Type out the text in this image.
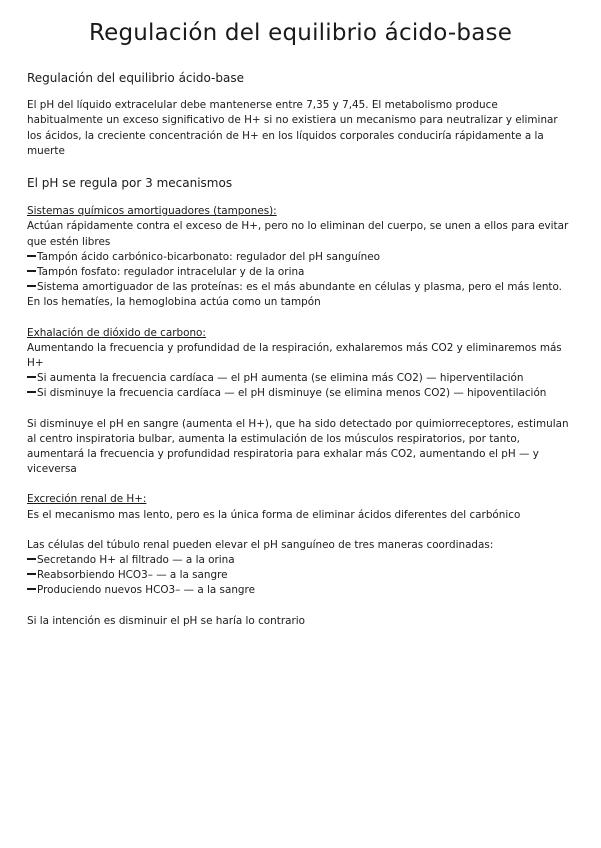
Regulación del equilibrio ácido-base
Regulación del equilibrio ácido-base

El pH del líquido extracelular debe mantenerse entre 7,35 y 7,45. El metabolismo produce habitualmente un exceso significativo de H+ si no existiera un mecanismo para neutralizar y eliminar los ácidos, la creciente concentración de H+ en los líquidos corporales conduciría rápidamente a la muerte

El pH se regula por 3 mecanismos
Sistemas químicos amortiguadores (tampones):
Actúan rápidamente contra el exceso de H+, pero no lo eliminan del cuerpo, se unen a ellos para evitar que estén libres
Tampón ácido carbónico-bicarbonato: regulador del pH sanguíneo
Tampón fosfato: regulador intracelular y de la orina
Sistema amortiguador de las proteínas: es el más abundante en células y plasma, pero el más lento.
En los hematíes, la hemoglobina actúa como un tampón
Exhalación de dióxido de carbono:
Aumentando la frecuencia y profundidad de la respiración, exhalaremos más CO2 y eliminaremos más H+
Si aumenta la frecuencia cardíaca — el pH aumenta (se elimina más CO2) — hiperventilación
Si disminuye la frecuencia cardíaca — el pH disminuye (se elimina menos CO2) — hipoventilación
Si disminuye el pH en sangre (aumenta el H+), que ha sido detectado por quimiorreceptores, estimulan al centro inspiratoria bulbar, aumenta la estimulación de los músculos respiratorios, por tanto, aumentará la frecuencia y profundidad respiratoria para exhalar más CO2, aumentando el pH — y viceversa
Excreción renal de H+:
Es el mecanismo mas lento, pero es la única forma de eliminar ácidos diferentes del carbónico
Las células del túbulo renal pueden elevar el pH sanguíneo de tres maneras coordinadas:
Secretando H+ al filtrado — a la orina
Reabsorbiendo HCO3– — a la sangre
Produciendo nuevos HCO3– — a la sangre
Si la intención es disminuir el pH se haría lo contrario
